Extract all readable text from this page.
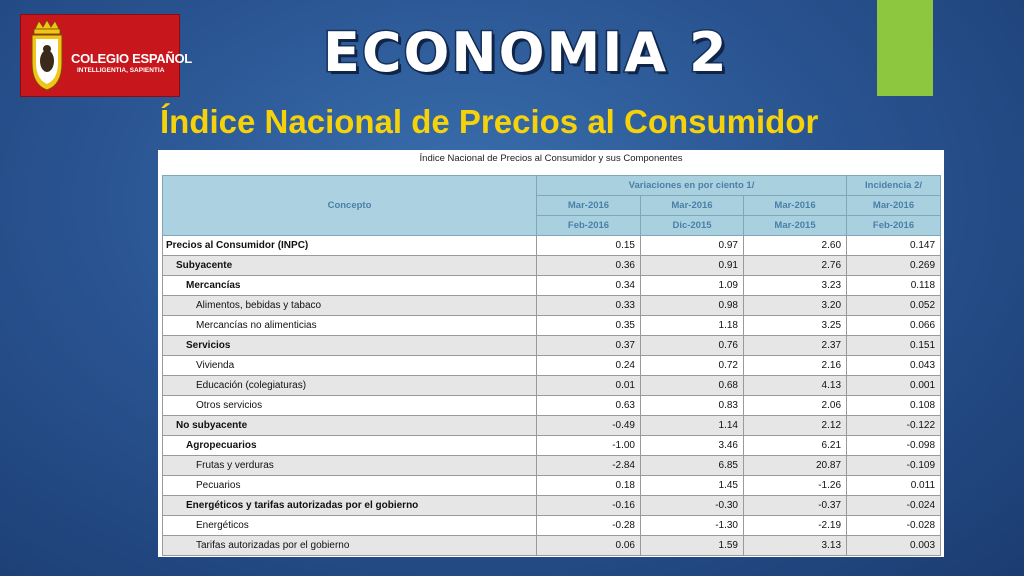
COLEGIO ESPAÑOL
INTELLIGENTIA, SAPIENTIA	ECONOMIA 2
Índice Nacional de Precios al Consumidor
Índice Nacional de Precios al Consumidor y sus Componentes
Concepto	Variaciones en por ciento 1/			Incidencia 2/
	Mar-2016	Mar-2016	Mar-2016	Mar-2016
	Feb-2016	Dic-2015	Mar-2015	Feb-2016
Precios al Consumidor (INPC)	0.15	0.97	2.60	0.147
Subyacente	0.36	0.91	2.76	0.269
Mercancías	0.34	1.09	3.23	0.118
Alimentos, bebidas y tabaco	0.33	0.98	3.20	0.052
Mercancías no alimenticias	0.35	1.18	3.25	0.066
Servicios	0.37	0.76	2.37	0.151
Vivienda	0.24	0.72	2.16	0.043
Educación (colegiaturas)	0.01	0.68	4.13	0.001
Otros servicios	0.63	0.83	2.06	0.108
No subyacente	-0.49	1.14	2.12	-0.122
Agropecuarios	-1.00	3.46	6.21	-0.098
Frutas y verduras	-2.84	6.85	20.87	-0.109
Pecuarios	0.18	1.45	-1.26	0.011
Energéticos y tarifas autorizadas por el gobierno	-0.16	-0.30	-0.37	-0.024
Energéticos	-0.28	-1.30	-2.19	-0.028
Tarifas autorizadas por el gobierno	0.06	1.59	3.13	0.003
